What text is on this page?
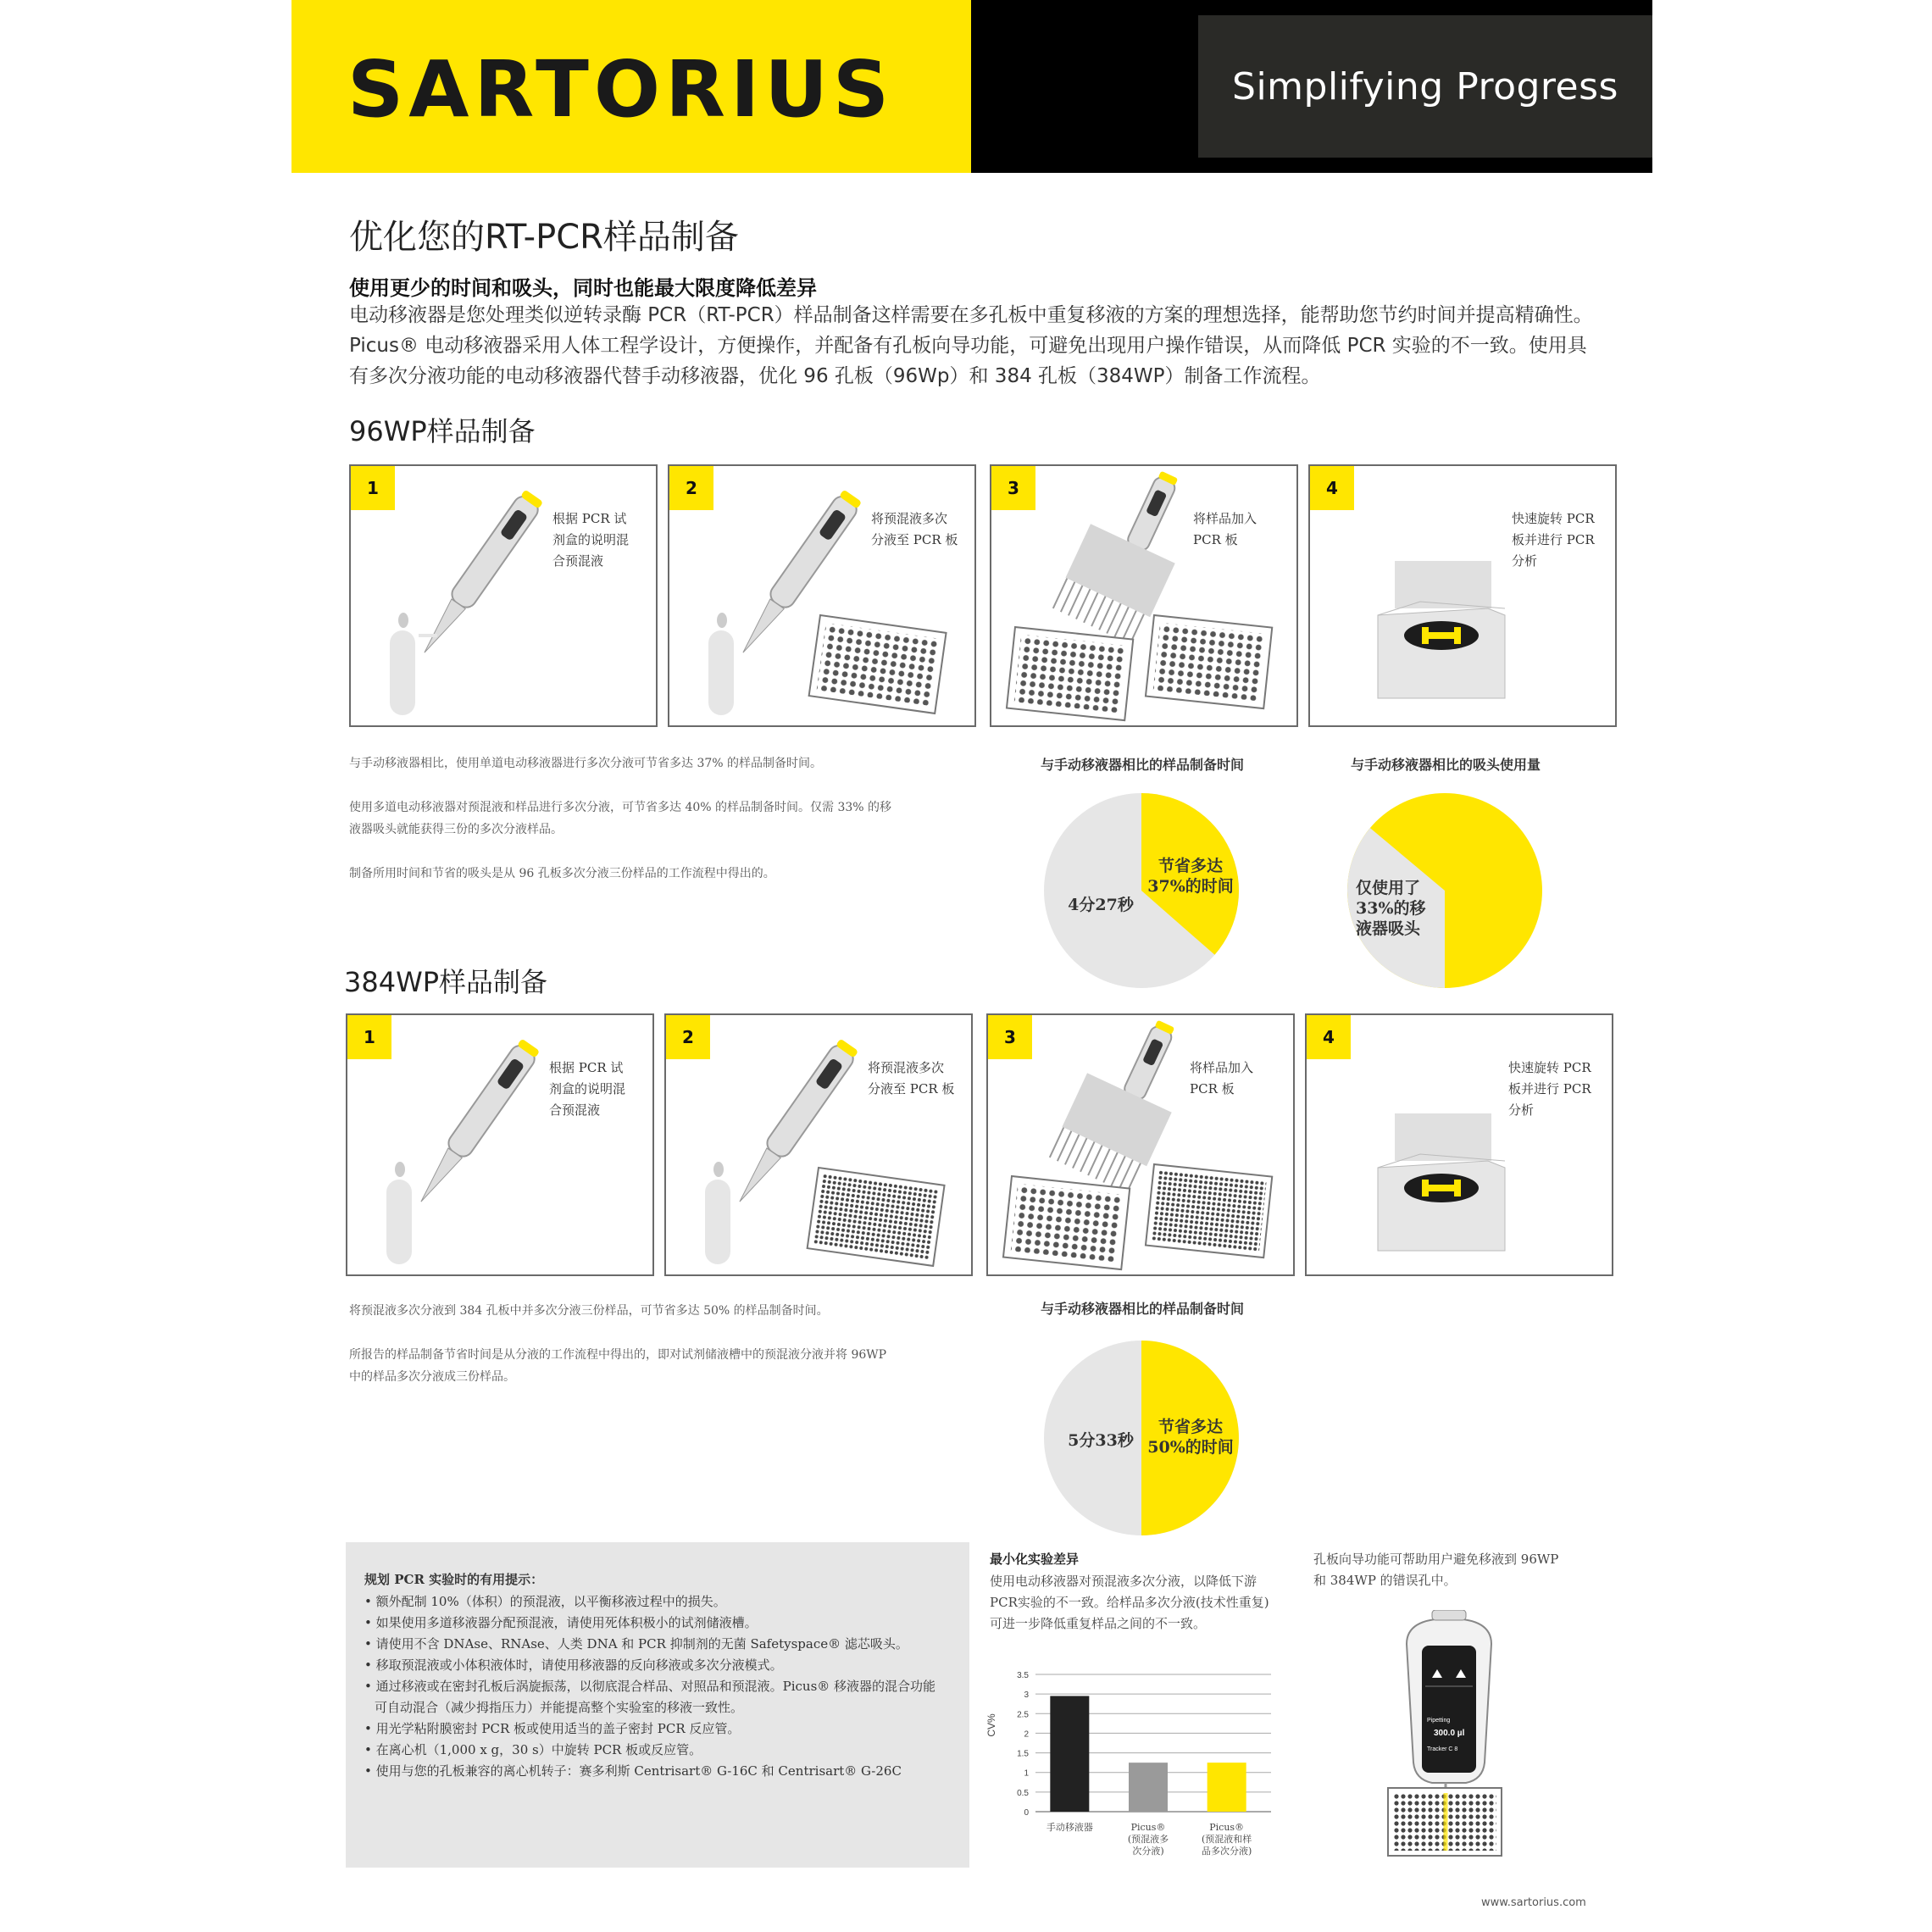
Simplifying Progress
SARTORIUS
优化您的RT-PCR样品制备
使用更少的时间和吸头，同时也能最大限度降低差异
电动移液器是您处理类似逆转录酶 PCR（RT-PCR）样品制备这样需要在多孔板中重复移液的方案的理想选择，能帮助您节约时间并提高精确性。
Picus® 电动移液器采用人体工程学设计，方便操作，并配备有孔板向导功能，可避免出现用户操作错误，从而降低 PCR 实验的不一致。使用具
有多次分液功能的电动移液器代替手动移液器，优化 96 孔板（96Wp）和 384 孔板（384WP）制备工作流程。
96WP样品制备
1
根据 PCR 试
剂盒的说明混
合预混液
2
将预混液多次
分液至 PCR 板
3
将样品加入
PCR 板
4
快速旋转 PCR
板并进行 PCR
分析
与手动移液器相比，使用单道电动移液器进行多次分液可节省多达 37% 的样品制备时间。
使用多道电动移液器对预混液和样品进行多次分液，可节省多达 40% 的样品制备时间。仅需 33% 的移
液器吸头就能获得三份的多次分液样品。
制备所用时间和节省的吸头是从 96 孔板多次分液三份样品的工作流程中得出的。
与手动移液器相比的样品制备时间
4分27秒
节省多达
37%的时间
与手动移液器相比的吸头使用量
仅使用了
33%的移
液器吸头
384WP样品制备
1
根据 PCR 试
剂盒的说明混
合预混液
2
将预混液多次
分液至 PCR 板
3
将样品加入
PCR 板
4
快速旋转 PCR
板并进行 PCR
分析
将预混液多次分液到 384 孔板中并多次分液三份样品，可节省多达 50% 的样品制备时间。
所报告的样品制备节省时间是从分液的工作流程中得出的，即对试剂储液槽中的预混液分液并将 96WP
中的样品多次分液成三份样品。
与手动移液器相比的样品制备时间
5分33秒
节省多达
50%的时间
规划 PCR 实验时的有用提示：
• 额外配制 10%（体积）的预混液，以平衡移液过程中的损失。
• 如果使用多道移液器分配预混液，请使用死体积极小的试剂储液槽。
• 请使用不含 DNAse、RNAse、人类 DNA 和 PCR 抑制剂的无菌 Safetyspace® 滤芯吸头。
• 移取预混液或小体积液体时，请使用移液器的反向移液或多次分液模式。
• 通过移液或在密封孔板后涡旋振荡，以彻底混合样品、对照品和预混液。Picus® 移液器的混合功能
可自动混合（减少拇指压力）并能提高整个实验室的移液一致性。
• 用光学粘附膜密封 PCR 板或使用适当的盖子密封 PCR 反应管。
• 在离心机（1,000 x g，30 s）中旋转 PCR 板或反应管。
• 使用与您的孔板兼容的离心机转子：赛多利斯 Centrisart® G-16C 和 Centrisart® G-26C
最小化实验差异
使用电动移液器对预混液多次分液，以降低下游
PCR实验的不一致。给样品多次分液(技术性重复)
可进一步降低重复样品之间的不一致。
CV%
0
0.5
1
1.5
2
2.5
3
3.5
手动移液器	Picus®
(预混液多
次分液)
Picus®
(预混液和样
品多次分液)
孔板向导功能可帮助用户避免移液到 96WP
和 384WP 的错误孔中。
Pipetting
300.0 µl
Tracker C 8
www.sartorius.com
